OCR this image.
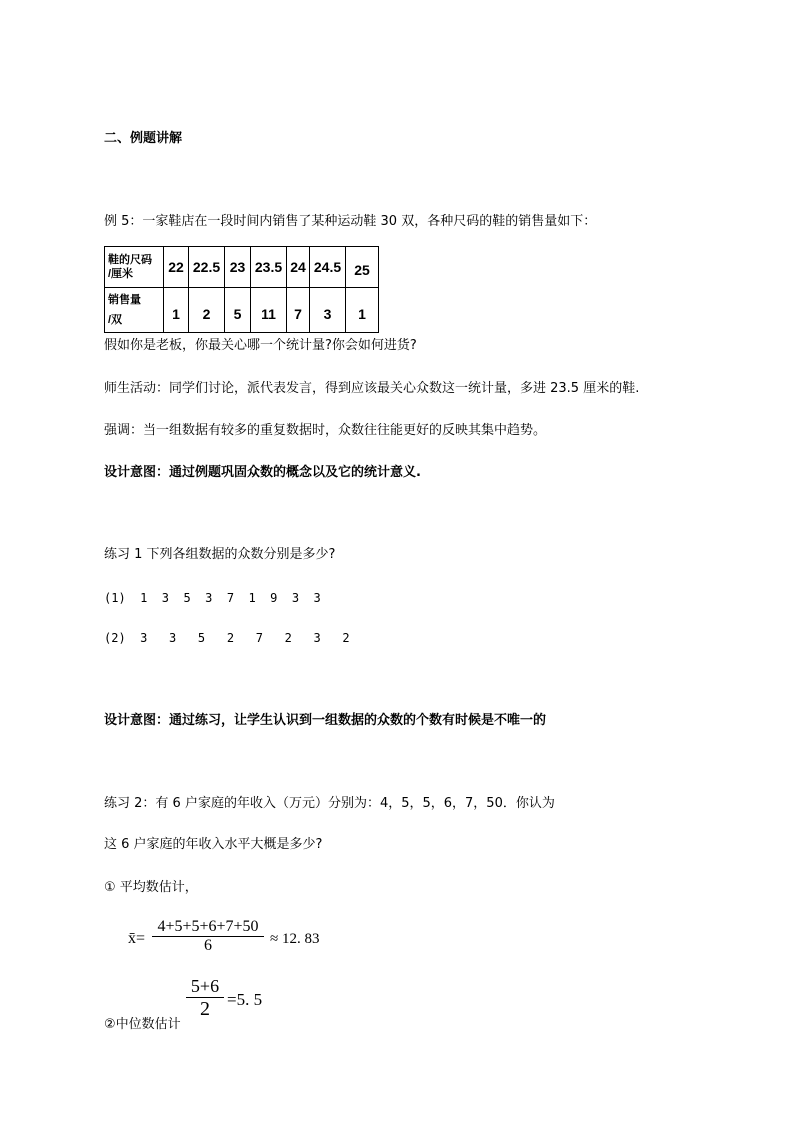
二、例题讲解
例 5：一家鞋店在一段时间内销售了某种运动鞋 30 双，各种尺码的鞋的销售量如下：
鞋的尺码
/厘米	22	22.5	23	23.5	24	24.5	25

销售量
/双	1	2	5	11	7	3	1
假如你是老板，你最关心哪一个统计量?你会如何进货?
师生活动：同学们讨论，派代表发言，得到应该最关心众数这一统计量，多进 23.5 厘米的鞋.
强调：当一组数据有较多的重复数据时，众数往往能更好的反映其集中趋势。
设计意图：通过例题巩固众数的概念以及它的统计意义.
练习 1 下列各组数据的众数分别是多少?
(1)  1  3  5  3  7  1  9  3  3
(2)  3   3   5   2   7   2   3   2
设计意图：通过练习，让学生认识到一组数据的众数的个数有时候是不唯一的
练习 2：有 6 户家庭的年收入（万元）分别为：4，5，5，6，7，50．你认为
这 6 户家庭的年收入水平大概是多少?
① 平均数估计，
x̄=
4+5+5+6+7+50
6	≈ 12. 83
5+6
2	=5. 5
②中位数估计
